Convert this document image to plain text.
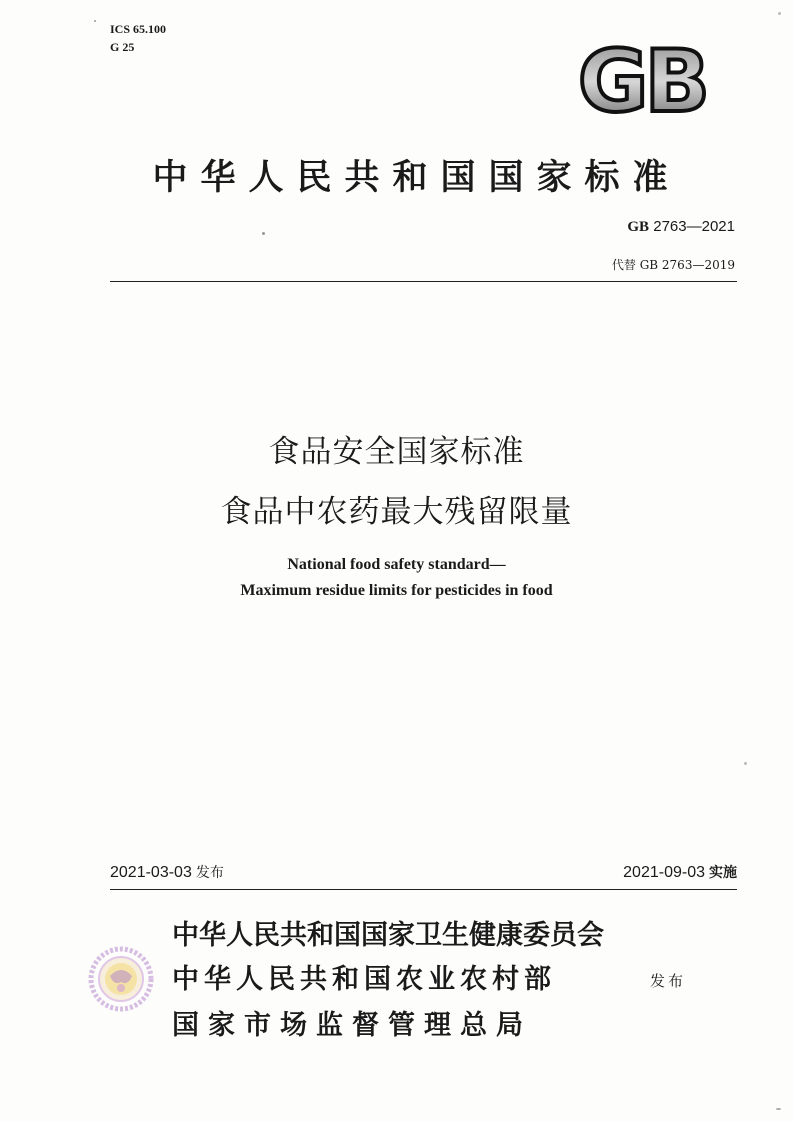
ICS 65.100
G 25	GB
中华人民共和国国家标准
GB 2763—2021
代替 GB 2763—2019
食品安全国家标准
食品中农药最大残留限量
National food safety standard—
Maximum residue limits for pesticides in food
2021-03-03 发布	2021-09-03 实施
中华人民共和国国家卫生健康委员会
中华人民共和国农业农村部
国家市场监督管理总局
发布
